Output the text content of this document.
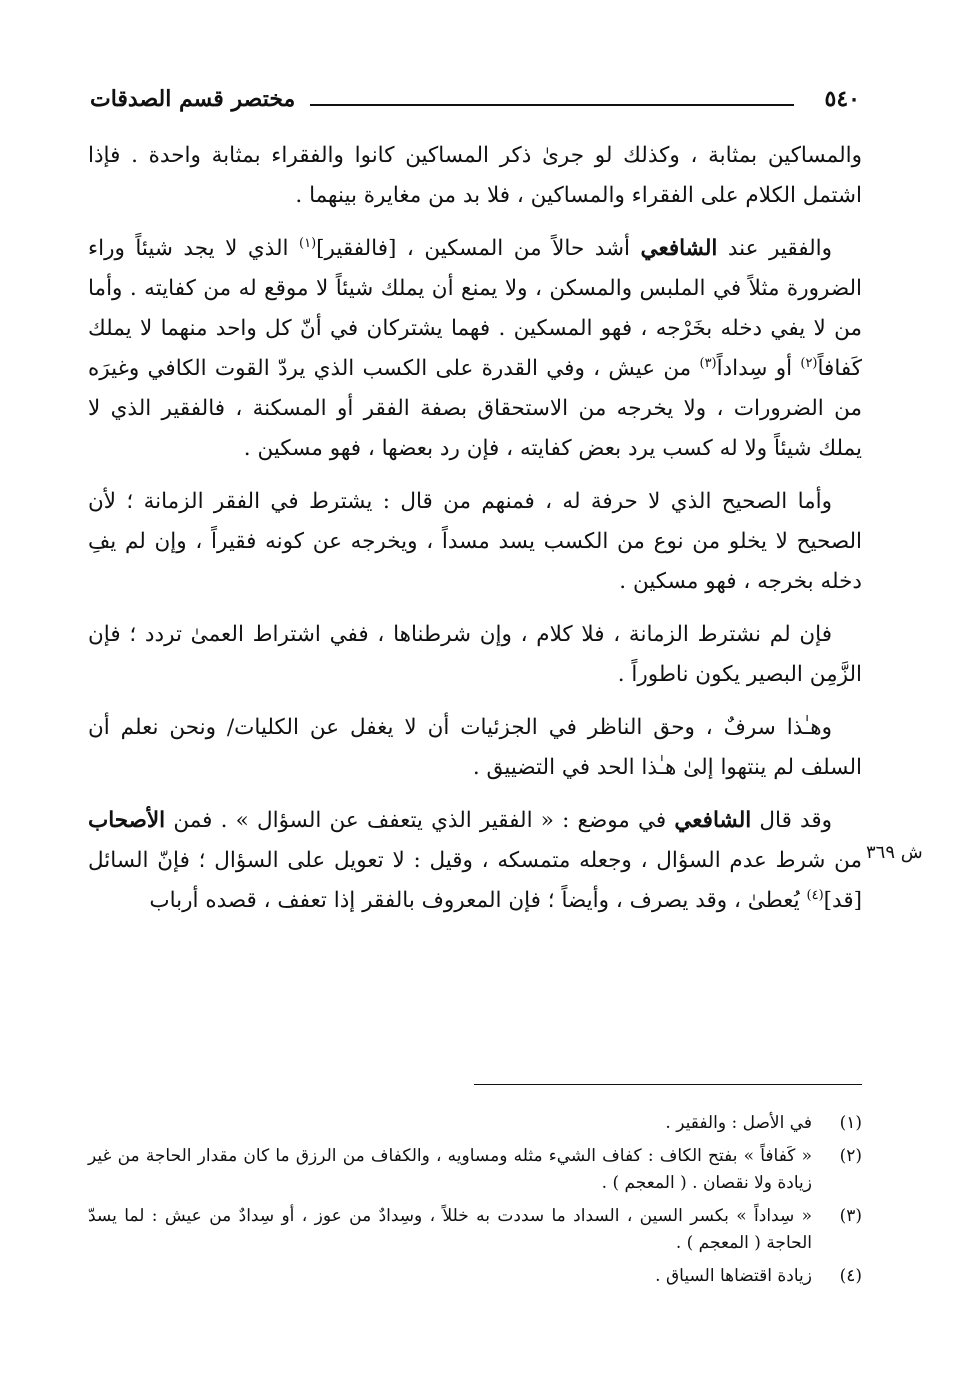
٥٤٠
مختصر قسم الصدقات

والمساكين بمثابة ، وكذلك لو جرىٰ ذكر المساكين كانوا والفقراء بمثابة واحدة . فإذا اشتمل الكلام على الفقراء والمساكين ، فلا بد من مغايرة بينهما .

والفقير عند الشافعي أشد حالاً من المسكين ، [فالفقير]$^{(١)}$ الذي لا يجد شيئاً وراء الضرورة مثلاً في الملبس والمسكن ، ولا يمنع أن يملك شيئاً لا موقع له من كفايته . وأما من لا يفي دخله بخَرْجه ، فهو المسكين . فهما يشتركان في أنّ كل واحد منهما لا يملك كَفافاً$^{(٢)}$ أو سِداداً$^{(٣)}$ من عيش ، وفي القدرة على الكسب الذي يردّ القوت الكافي وغيرَه من الضرورات ، ولا يخرجه من الاستحقاق بصفة الفقر أو المسكنة ، فالفقير الذي لا يملك شيئاً ولا له كسب يرد بعض كفايته ، فإن رد بعضها ، فهو مسكين .

وأما الصحيح الذي لا حرفة له ، فمنهم من قال : يشترط في الفقر الزمانة ؛ لأن الصحيح لا يخلو من نوع من الكسب يسد مسداً ، ويخرجه عن كونه فقيراً ، وإن لم يفِ دخله بخرجه ، فهو مسكين .

فإن لم نشترط الزمانة ، فلا كلام ، وإن شرطناها ، ففي اشتراط العمىٰ تردد ؛ فإن الزَّمِن البصير يكون ناطوراً .

وهـٰذا سرفٌ ، وحق الناظر في الجزئيات أن لا يغفل عن الكليات/ ونحن نعلم أن السلف لم ينتهوا إلىٰ هـٰذا الحد في التضييق .

وقد قال الشافعي في موضع : « الفقير الذي يتعفف عن السؤال » . فمن الأصحاب من شرط عدم السؤال ، وجعله متمسكه ، وقيل : لا تعويل على السؤال ؛ فإنّ السائل [قد]$^{(٤)}$ يُعطىٰ ، وقد يصرف ، وأيضاً ؛ فإن المعروف بالفقر إذا تعفف ، قصده أرباب

ش ٣٦٩
(١)
في الأصل : والفقير .
(٢)
« كَفافاً » بفتح الكاف : كفاف الشيء مثله ومساويه ، والكفاف من الرزق ما كان مقدار الحاجة من غير زيادة ولا نقصان . ( المعجم ) .
(٣)
« سِداداً » بكسر السين ، السداد ما سددت به خللاً ، وسِدادٌ من عوز ، أو سِدادٌ من عيش : لما يسدّ الحاجة ( المعجم ) .
(٤)
زيادة اقتضاها السياق .
